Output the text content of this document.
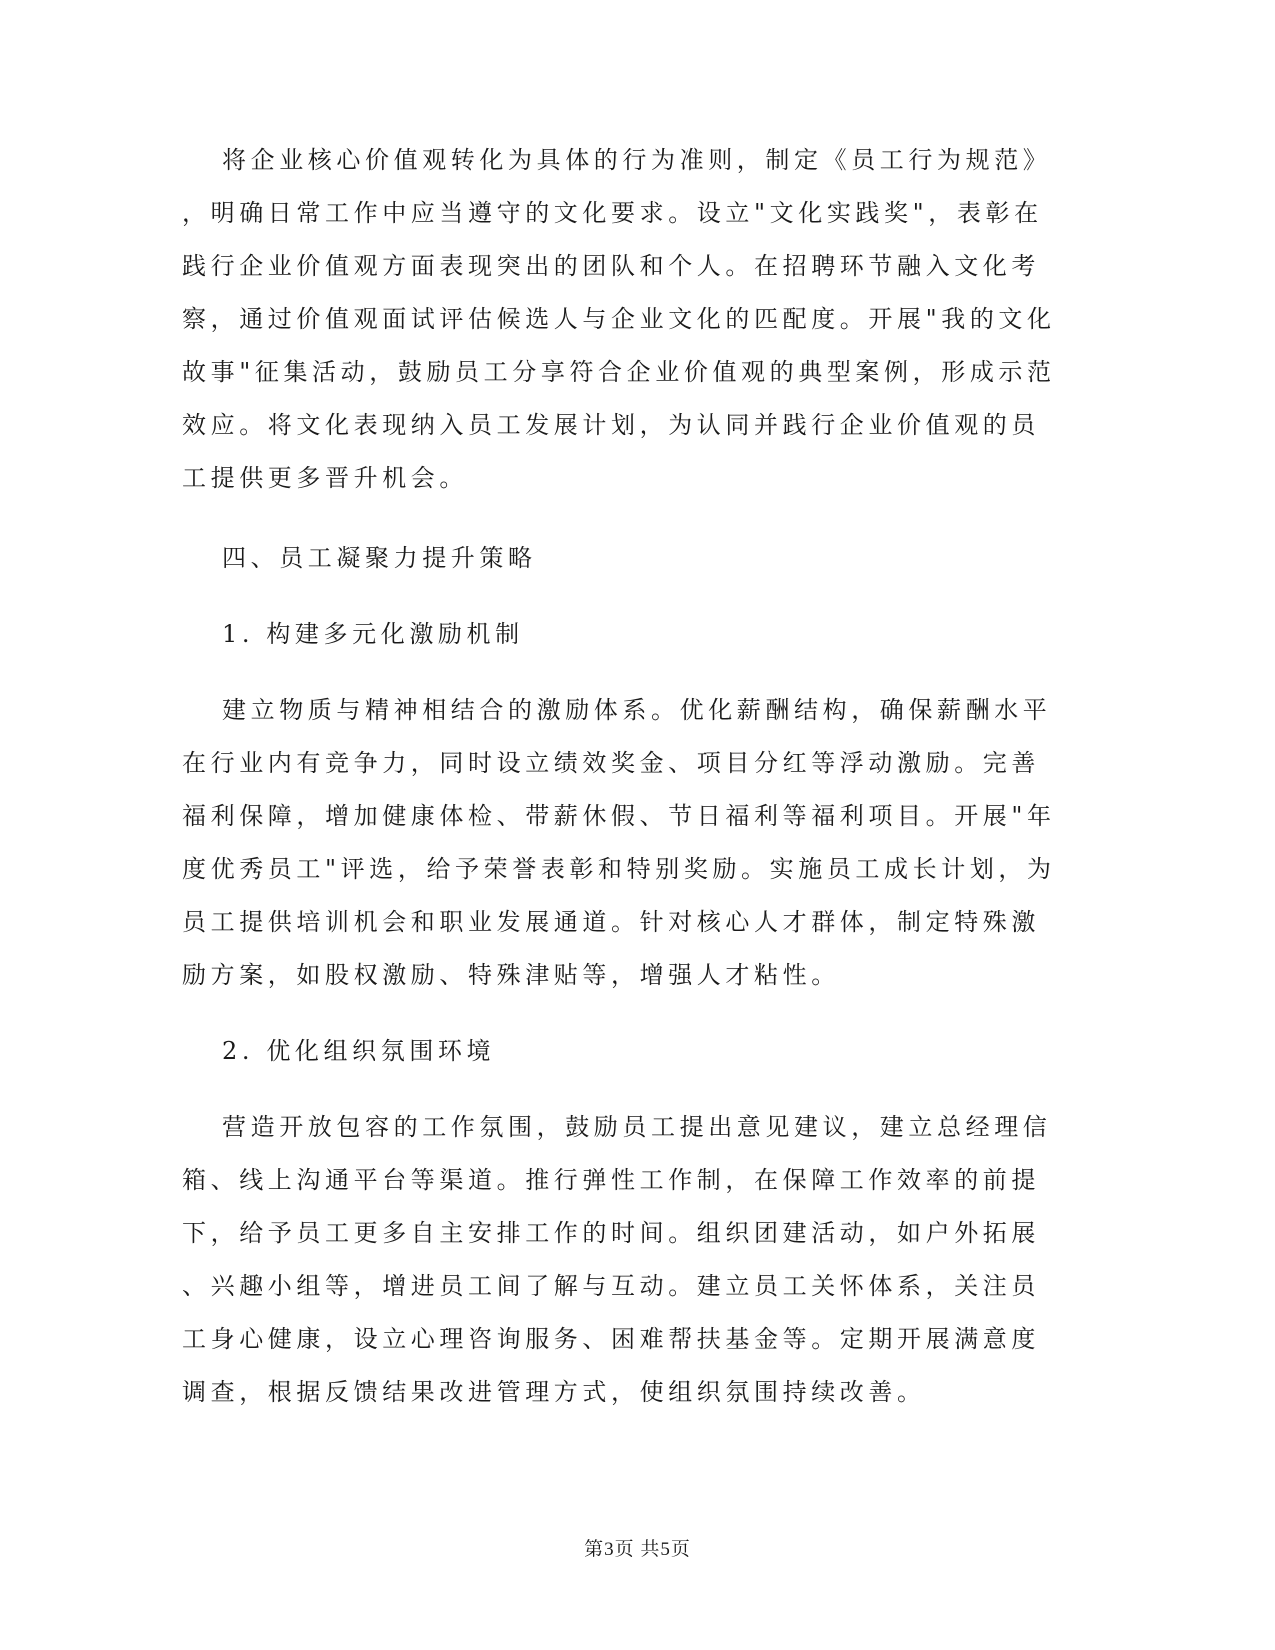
将企业核心价值观转化为具体的行为准则，制定《员工行为规范》
，明确日常工作中应当遵守的文化要求。设立"文化实践奖"，表彰在
践行企业价值观方面表现突出的团队和个人。在招聘环节融入文化考
察，通过价值观面试评估候选人与企业文化的匹配度。开展"我的文化
故事"征集活动，鼓励员工分享符合企业价值观的典型案例，形成示范
效应。将文化表现纳入员工发展计划，为认同并践行企业价值观的员
工提供更多晋升机会。
四、员工凝聚力提升策略
1. 构建多元化激励机制
建立物质与精神相结合的激励体系。优化薪酬结构，确保薪酬水平
在行业内有竞争力，同时设立绩效奖金、项目分红等浮动激励。完善
福利保障，增加健康体检、带薪休假、节日福利等福利项目。开展"年
度优秀员工"评选，给予荣誉表彰和特别奖励。实施员工成长计划，为
员工提供培训机会和职业发展通道。针对核心人才群体，制定特殊激
励方案，如股权激励、特殊津贴等，增强人才粘性。
2. 优化组织氛围环境
营造开放包容的工作氛围，鼓励员工提出意见建议，建立总经理信
箱、线上沟通平台等渠道。推行弹性工作制，在保障工作效率的前提
下，给予员工更多自主安排工作的时间。组织团建活动，如户外拓展
、兴趣小组等，增进员工间了解与互动。建立员工关怀体系，关注员
工身心健康，设立心理咨询服务、困难帮扶基金等。定期开展满意度
调查，根据反馈结果改进管理方式，使组织氛围持续改善。
第3页 共5页
